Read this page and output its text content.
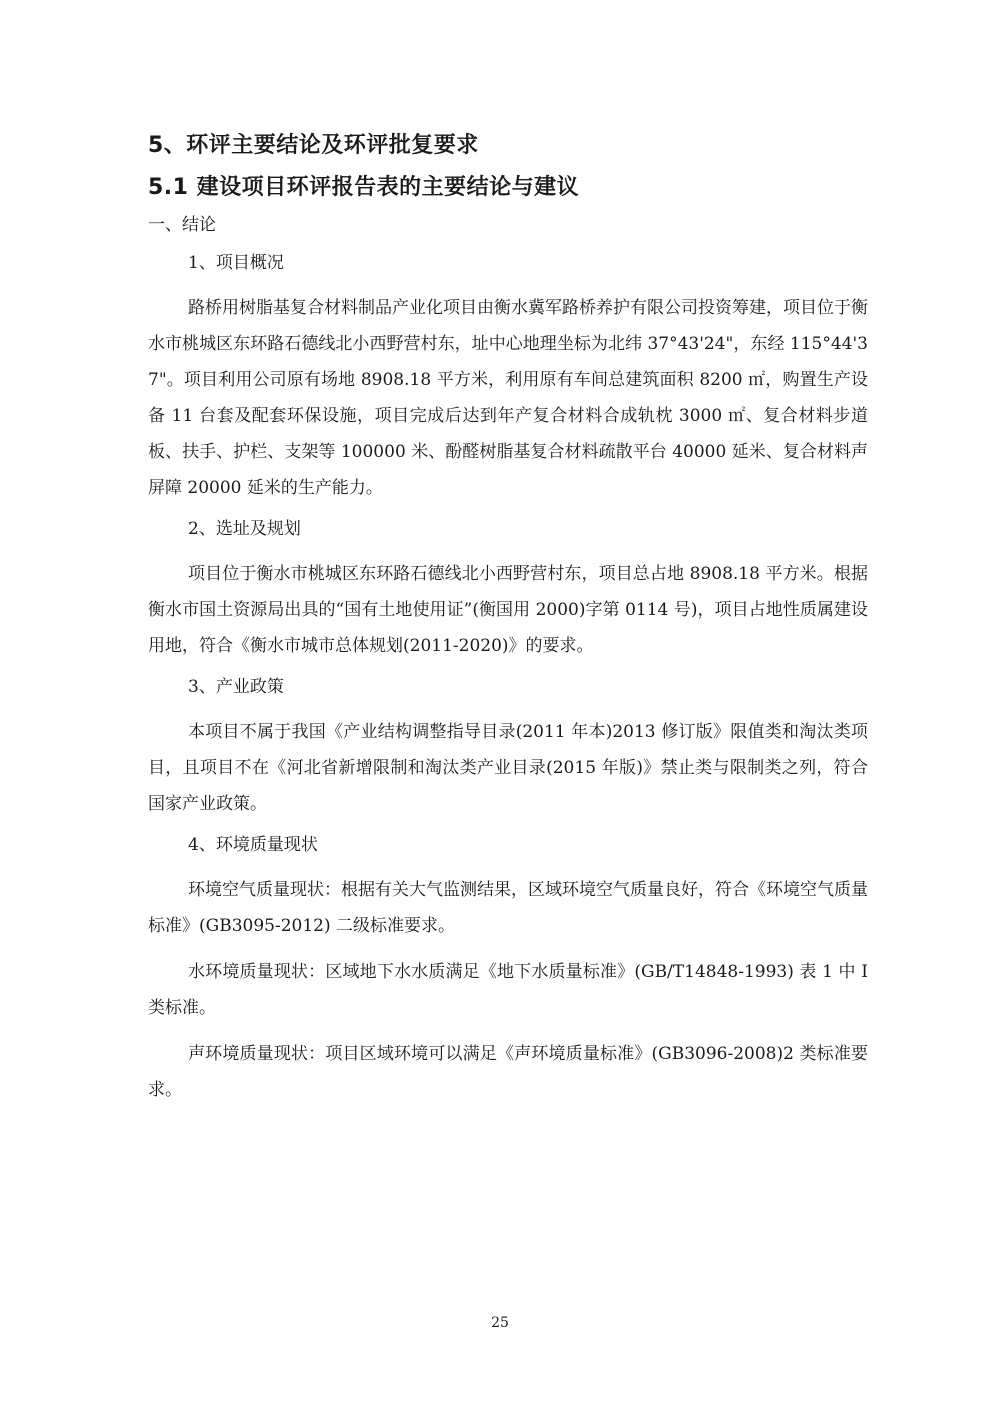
5、环评主要结论及环评批复要求
5.1 建设项目环评报告表的主要结论与建议
一、结论
1、项目概况

路桥用树脂基复合材料制品产业化项目由衡水冀军路桥养护有限公司投资筹建，项目位于衡水市桃城区东环路石德线北小西野营村东，址中心地理坐标为北纬 37°43'24"，东经 115°44'37"。项目利用公司原有场地 8908.18 平方米，利用原有车间总建筑面积 8200 ㎡，购置生产设备 11 台套及配套环保设施，项目完成后达到年产复合材料合成轨枕 3000 ㎡、复合材料步道板、扶手、护栏、支架等 100000 米、酚醛树脂基复合材料疏散平台 40000 延米、复合材料声屏障 20000 延米的生产能力。

2、选址及规划

项目位于衡水市桃城区东环路石德线北小西野营村东，项目总占地 8908.18 平方米。根据衡水市国土资源局出具的“国有土地使用证”(衡国用 2000)字第 0114 号)，项目占地性质属建设用地，符合《衡水市城市总体规划(2011-2020)》的要求。

3、产业政策

本项目不属于我国《产业结构调整指导目录(2011 年本)2013 修订版》限值类和淘汰类项目，且项目不在《河北省新增限制和淘汰类产业目录(2015 年版)》禁止类与限制类之列，符合国家产业政策。

4、环境质量现状

环境空气质量现状：根据有关大气监测结果，区域环境空气质量良好，符合《环境空气质量标准》(GB3095-2012) 二级标准要求。

水环境质量现状：区域地下水水质满足《地下水质量标准》(GB/T14848-1993) 表 1 中 I 类标准。

声环境质量现状：项目区域环境可以满足《声环境质量标准》(GB3096-2008)2 类标准要求。

25
